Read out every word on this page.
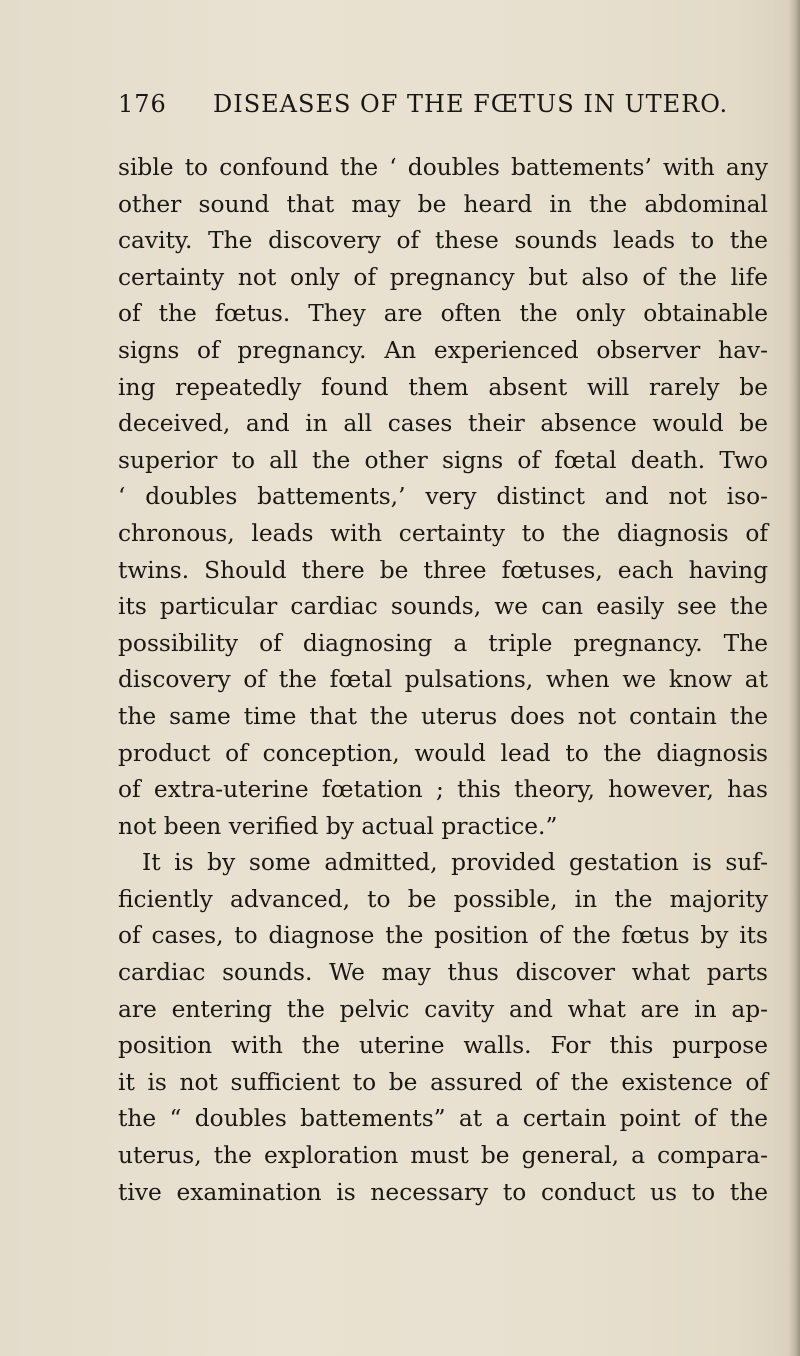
176 DISEASES OF THE FŒTUS IN UTERO.
sible to confound the ‘ doubles battements’ with any
other sound that may be heard in the abdominal
cavity. The discovery of these sounds leads to the
certainty not only of pregnancy but also of the life
of the fœtus. They are often the only obtainable
signs of pregnancy. An experienced observer hav-
ing repeatedly found them absent will rarely be
deceived, and in all cases their absence would be
superior to all the other signs of fœtal death. Two
‘ doubles battements,’ very distinct and not iso-
chronous, leads with certainty to the diagnosis of
twins. Should there be three fœtuses, each having
its particular cardiac sounds, we can easily see the
possibility of diagnosing a triple pregnancy. The
discovery of the fœtal pulsations, when we know at
the same time that the uterus does not contain the
product of conception, would lead to the diagnosis
of extra-uterine fœtation ; this theory, however, has
not been verified by actual practice.”
It is by some admitted, provided gestation is suf-
ficiently advanced, to be possible, in the majority
of cases, to diagnose the position of the fœtus by its
cardiac sounds. We may thus discover what parts
are entering the pelvic cavity and what are in ap-
position with the uterine walls. For this purpose
it is not sufficient to be assured of the existence of
the “ doubles battements” at a certain point of the
uterus, the exploration must be general, a compara-
tive examination is necessary to conduct us to the
